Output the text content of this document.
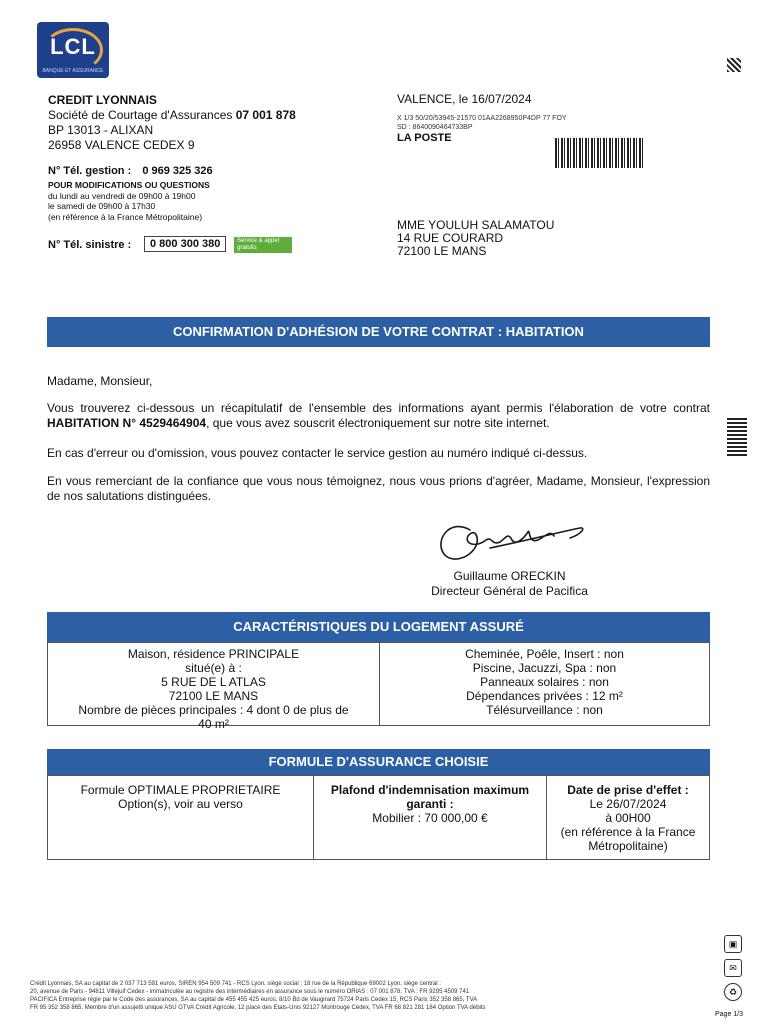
LCL
BANQUE ET ASSURANCE
CREDIT LYONNAIS
Société de Courtage d'Assurances 07 001 878
BP 13013 - ALIXAN
26958 VALENCE CEDEX 9
N° Tél. gestion : 0 969 325 326
POUR MODIFICATIONS OU QUESTIONS
du lundi au vendredi de 09h00 à 19h00
le samedi de 09h00 à 17h30
(en référence à la France Métropolitaine)
N° Tél. sinistre :	0 800 300 380	Service & appel gratuits
VALENCE, le 16/07/2024
X 1/3 50/20/53945-21570 01AA2268950P4DP 77 FOY
SD : 8640090464733BP
LA POSTE
MME YOULUH SALAMATOU
14 RUE COURARD
72100 LE MANS
CONFIRMATION D'ADHÉSION DE VOTRE CONTRAT : HABITATION
Madame, Monsieur,
Vous trouverez ci-dessous un récapitulatif de l'ensemble des informations ayant permis l'élaboration de votre contrat HABITATION N° 4529464904, que vous avez souscrit électroniquement sur notre site internet.
En cas d'erreur ou d'omission, vous pouvez contacter le service gestion au numéro indiqué ci-dessus.
En vous remerciant de la confiance que vous nous témoignez, nous vous prions d'agréer, Madame, Monsieur, l'expression de nos salutations distinguées.
Guillaume ORECKIN
Directeur Général de Pacifica
CARACTÉRISTIQUES DU LOGEMENT ASSURÉ
Maison, résidence PRINCIPALE
situé(e) à :
5 RUE DE L ATLAS
72100 LE MANS
Nombre de pièces principales : 4 dont 0 de plus de
40 m²
Cheminée, Poêle, Insert : non
Piscine, Jacuzzi, Spa : non
Panneaux solaires : non
Dépendances privées : 12 m²
Télésurveillance : non
FORMULE D'ASSURANCE CHOISIE
Formule OPTIMALE PROPRIETAIRE
Option(s), voir au verso
Plafond d'indemnisation maximum garanti :
Mobilier : 70 000,00 €
Date de prise d'effet :
Le 26/07/2024
à 00H00
(en référence à la France Métropolitaine)
Crédit Lyonnais, SA au capital de 2 037 713 591 euros, SIREN 954 509 741 - RCS Lyon, siège social : 18 rue de la République 69002 Lyon, siège central :
20, avenue de Paris - 94811 Villejuif Cedex - immatriculée au registre des intermédiaires en assurance sous le numéro ORIAS : 07 001 878. TVA : FR 9295 4509 741
PACIFICA Entreprise régie par le Code des assurances, SA au capital de 455 455 425 euros, 8/10 Bd de Vaugirard 75724 Paris Cedex 15, RCS Paris 352 358 865, TVA
FR 95 352 358 865. Membre d'un assujetti unique ASU GTVA Crédit Agricole, 12 place des Etats-Unis 92127 Montrouge Cedex, TVA FR 68 821 281 184 Option TVA débits
▣
✉
♻
Page 1/3
